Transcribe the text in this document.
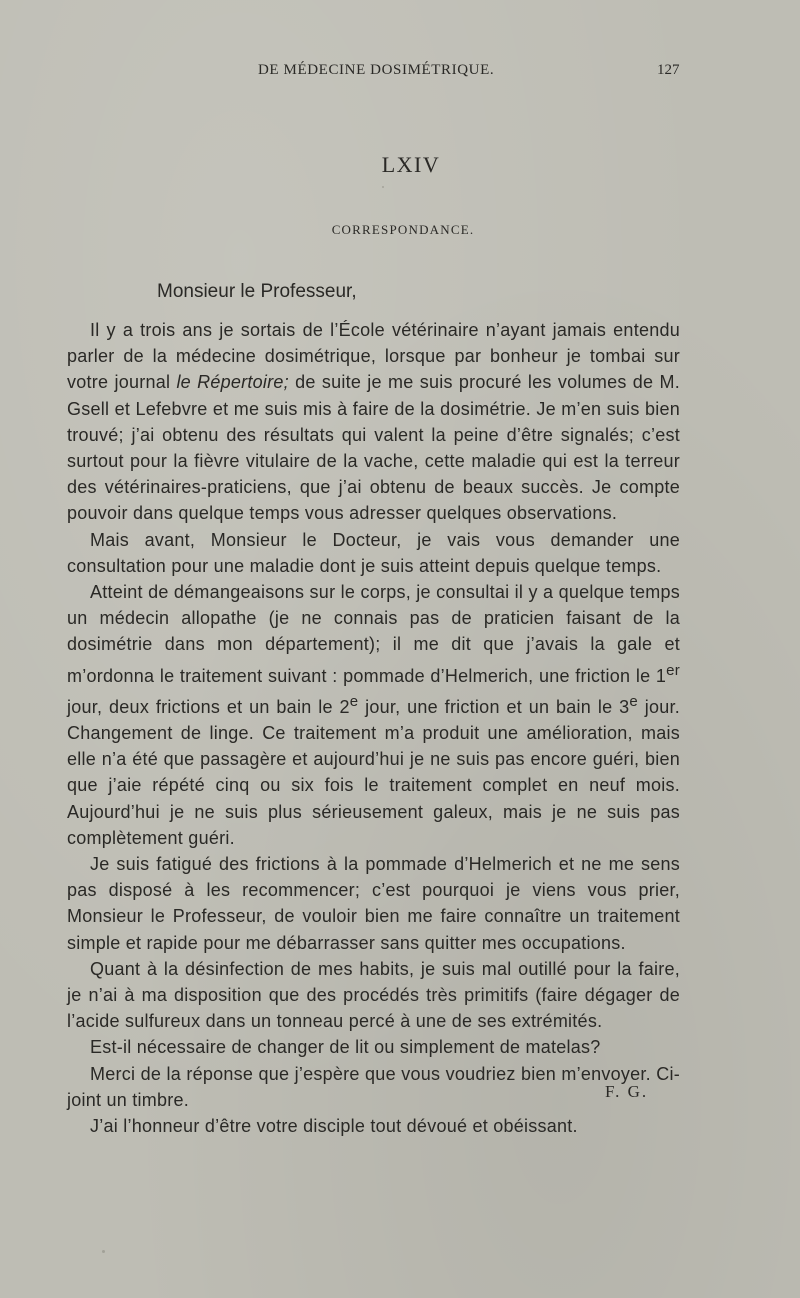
DE MÉDECINE DOSIMÉTRIQUE.	127
LXIV
CORRESPONDANCE.
Monsieur le Professeur,

Il y a trois ans je sortais de l’École vétérinaire n’ayant jamais entendu parler de la médecine dosimétrique, lorsque par bonheur je tombai sur votre journal le Répertoire; de suite je me suis procuré les volumes de M. Gsell et Lefebvre et me suis mis à faire de la dosimétrie. Je m’en suis bien trouvé; j’ai obtenu des résultats qui valent la peine d’être signalés; c’est surtout pour la fièvre vitulaire de la vache, cette maladie qui est la terreur des vétérinaires-praticiens, que j’ai obtenu de beaux succès. Je compte pouvoir dans quelque temps vous adresser quelques observations.

Mais avant, Monsieur le Docteur, je vais vous demander une consultation pour une maladie dont je suis atteint depuis quelque temps.

Atteint de démangeaisons sur le corps, je consultai il y a quelque temps un médecin allopathe (je ne connais pas de praticien faisant de la dosimétrie dans mon département); il me dit que j’avais la gale et m’ordonna le traitement suivant : pommade d’Helmerich, une friction le 1er jour, deux frictions et un bain le 2e jour, une friction et un bain le 3e jour. Changement de linge. Ce traitement m’a produit une amélioration, mais elle n’a été que passagère et aujourd’hui je ne suis pas encore guéri, bien que j’aie répété cinq ou six fois le traitement complet en neuf mois. Aujourd’hui je ne suis plus sérieusement galeux, mais je ne suis pas complètement guéri.

Je suis fatigué des frictions à la pommade d’Helmerich et ne me sens pas disposé à les recommencer; c’est pourquoi je viens vous prier, Monsieur le Professeur, de vouloir bien me faire connaître un traitement simple et rapide pour me débarrasser sans quitter mes occupations.

Quant à la désinfection de mes habits, je suis mal outillé pour la faire, je n’ai à ma disposition que des procédés très primitifs (faire dégager de l’acide sulfureux dans un tonneau percé à une de ses extrémités.

Est-il nécessaire de changer de lit ou simplement de matelas?

Merci de la réponse que j’espère que vous voudriez bien m’envoyer. Ci-joint un timbre.

J’ai l’honneur d’être votre disciple tout dévoué et obéissant.

F. G.
